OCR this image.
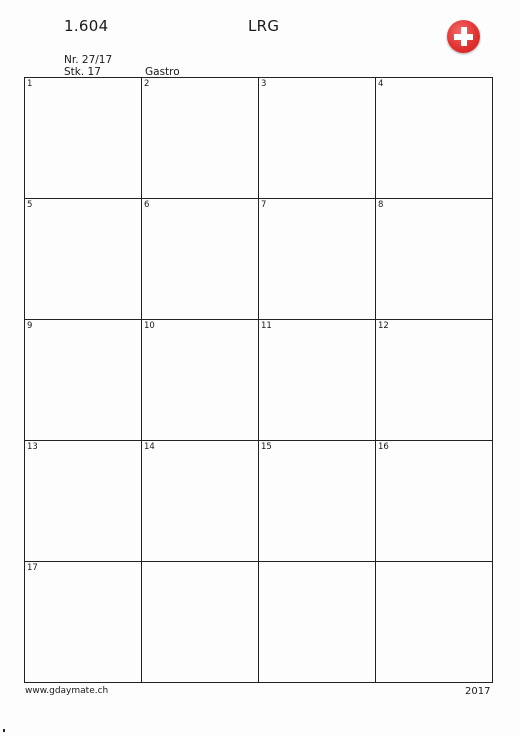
1.604	LRG
Nr. 27/17
Stk. 17	Gastro
1	2	3	4
5	6	7	8
9	10	11	12
13	14	15	16
17
www.gdaymate.ch	2017
